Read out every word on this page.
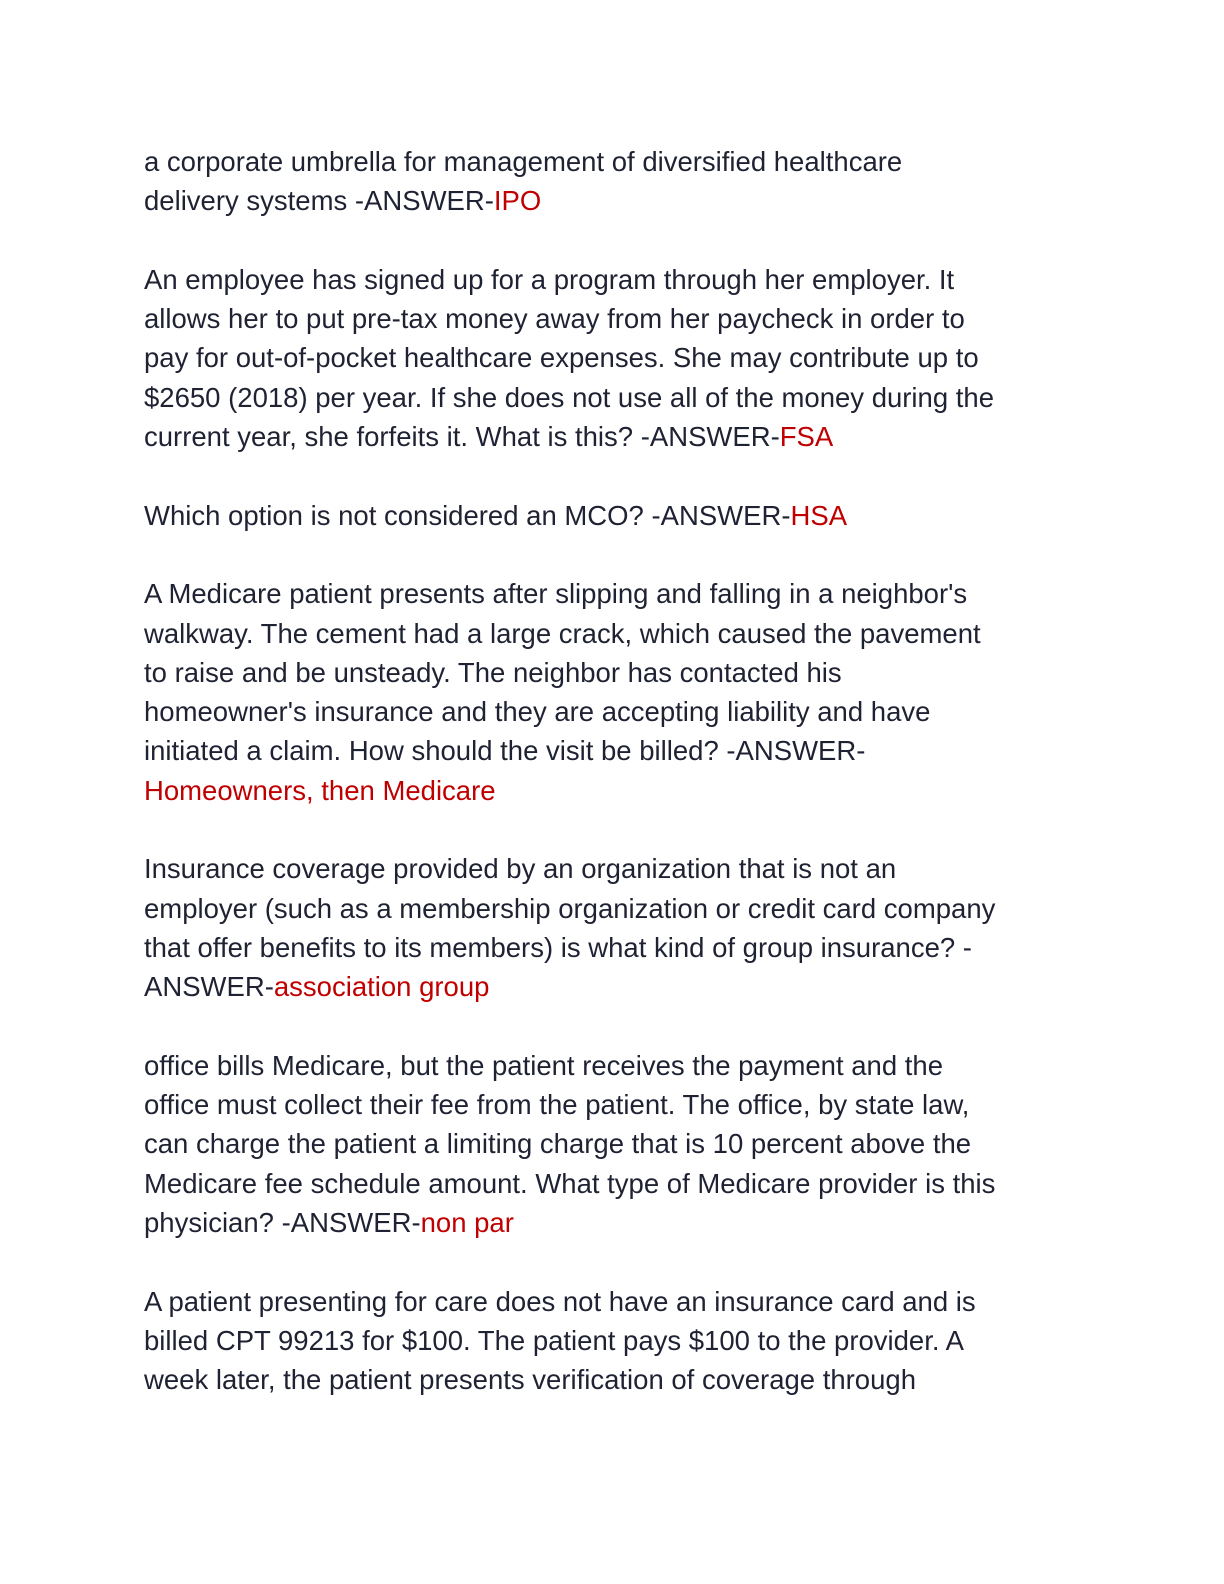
a corporate umbrella for management of diversified healthcare
delivery systems -ANSWER-IPO
An employee has signed up for a program through her employer. It
allows her to put pre-tax money away from her paycheck in order to
pay for out-of-pocket healthcare expenses. She may contribute up to
$2650 (2018) per year. If she does not use all of the money during the
current year, she forfeits it. What is this? -ANSWER-FSA
Which option is not considered an MCO? -ANSWER-HSA
A Medicare patient presents after slipping and falling in a neighbor's
walkway. The cement had a large crack, which caused the pavement
to raise and be unsteady. The neighbor has contacted his
homeowner's insurance and they are accepting liability and have
initiated a claim. How should the visit be billed? -ANSWER-
Homeowners, then Medicare
Insurance coverage provided by an organization that is not an
employer (such as a membership organization or credit card company
that offer benefits to its members) is what kind of group insurance? -
ANSWER-association group
office bills Medicare, but the patient receives the payment and the
office must collect their fee from the patient. The office, by state law,
can charge the patient a limiting charge that is 10 percent above the
Medicare fee schedule amount. What type of Medicare provider is this
physician? -ANSWER-non par
A patient presenting for care does not have an insurance card and is
billed CPT 99213 for $100. The patient pays $100 to the provider. A
week later, the patient presents verification of coverage through
